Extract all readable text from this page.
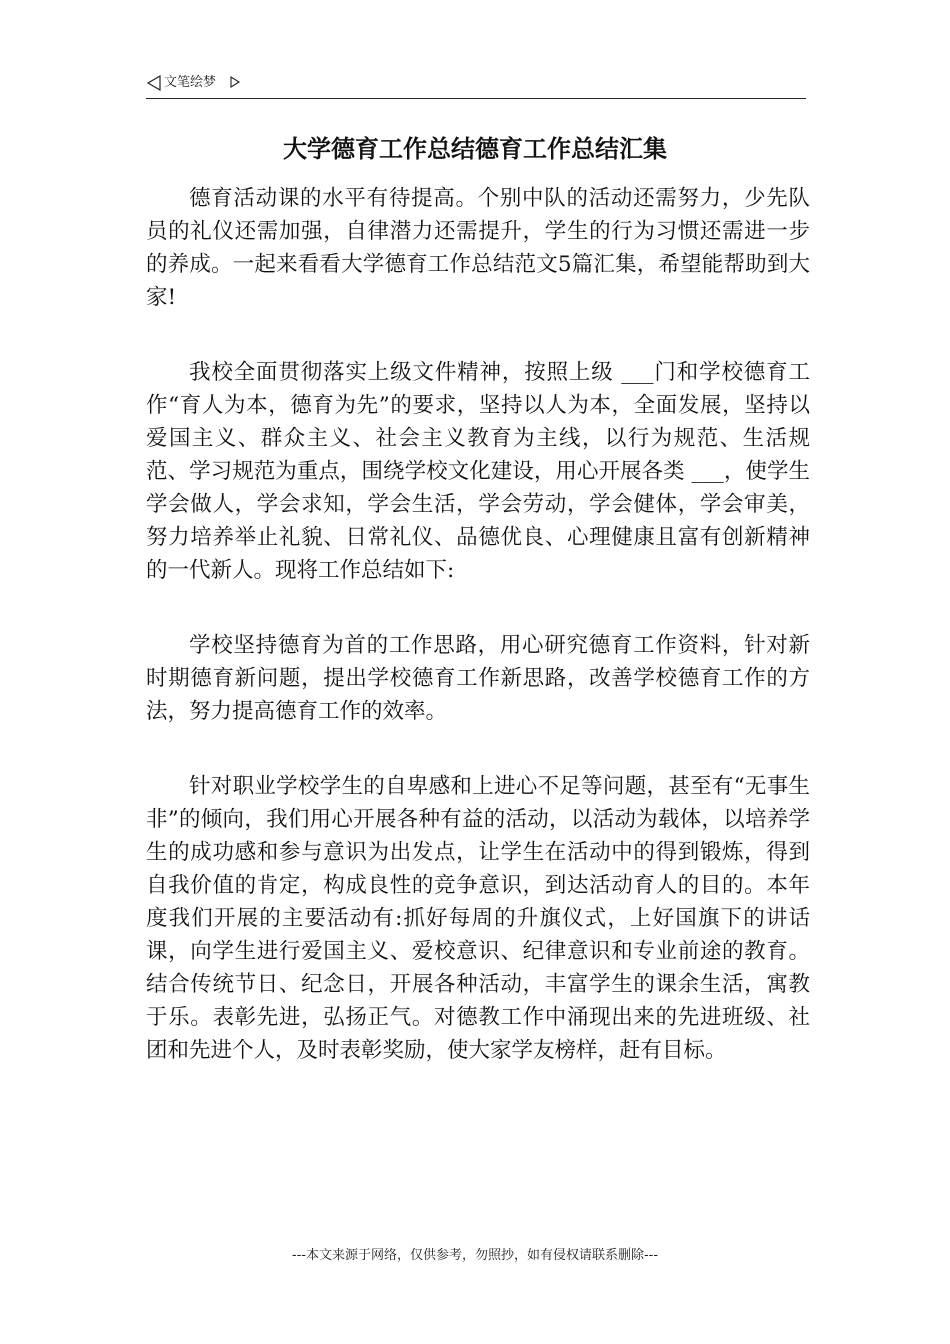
文笔绘梦
大学德育工作总结德育工作总结汇集

德育活动课的水平有待提高。个别中队的活动还需努力，少先队员的礼仪还需加强，自律潜力还需提升，学生的行为习惯还需进一步的养成。一起来看看大学德育工作总结范文5篇汇集，希望能帮助到大家!

我校全面贯彻落实上级文件精神，按照上级 ___门和学校德育工作“育人为本，德育为先”的要求，坚持以人为本，全面发展，坚持以爱国主义、群众主义、社会主义教育为主线，以行为规范、生活规范、学习规范为重点，围绕学校文化建设，用心开展各类 ___，使学生学会做人，学会求知，学会生活，学会劳动，学会健体，学会审美，努力培养举止礼貌、日常礼仪、品德优良、心理健康且富有创新精神的一代新人。现将工作总结如下:

学校坚持德育为首的工作思路，用心研究德育工作资料，针对新时期德育新问题，提出学校德育工作新思路，改善学校德育工作的方法，努力提高德育工作的效率。

针对职业学校学生的自卑感和上进心不足等问题，甚至有“无事生非”的倾向，我们用心开展各种有益的活动，以活动为载体，以培养学生的成功感和参与意识为出发点，让学生在活动中的得到锻炼，得到自我价值的肯定，构成良性的竞争意识，到达活动育人的目的。本年度我们开展的主要活动有:抓好每周的升旗仪式，上好国旗下的讲话课，向学生进行爱国主义、爱校意识、纪律意识和专业前途的教育。结合传统节日、纪念日，开展各种活动，丰富学生的课余生活，寓教于乐。表彰先进，弘扬正气。对德教工作中涌现出来的先进班级、社团和先进个人，及时表彰奖励，使大家学友榜样，赶有目标。

---本文来源于网络，仅供参考，勿照抄，如有侵权请联系删除---
